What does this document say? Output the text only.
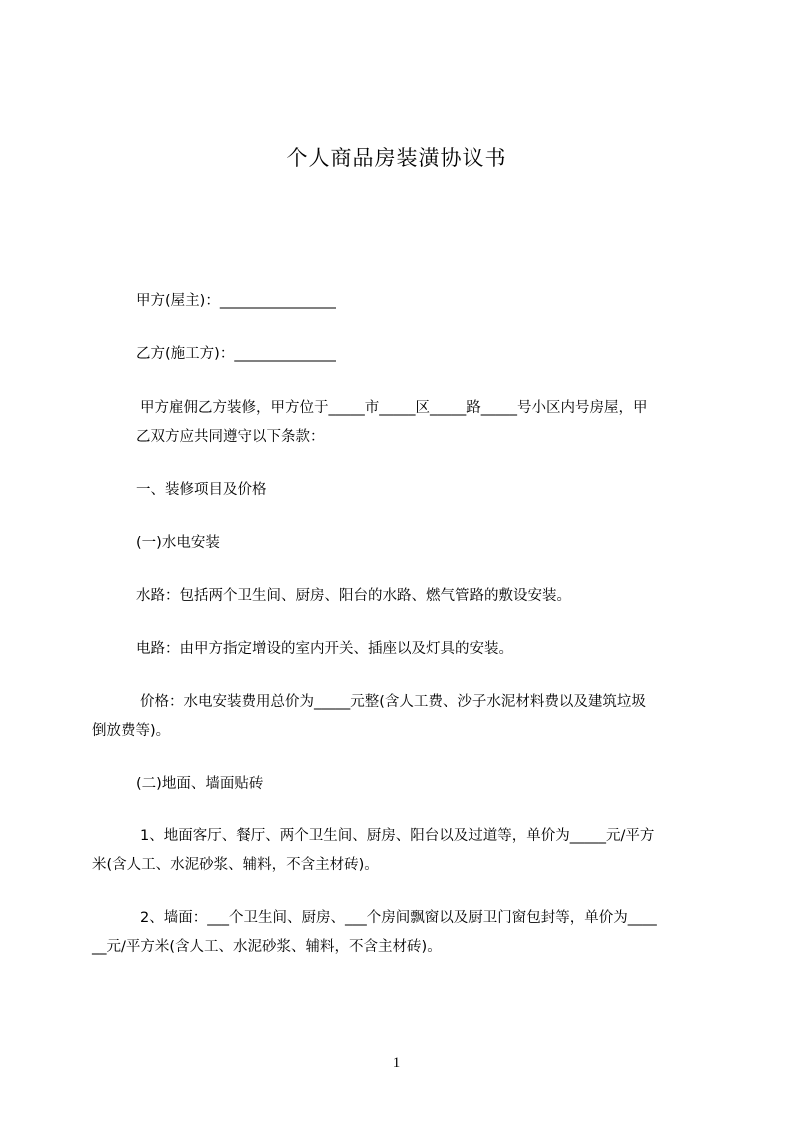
个人商品房装潢协议书

甲方(屋主)：________________

乙方(施工方)：______________

甲方雇佣乙方装修，甲方位于_____市_____区_____路_____号小区内号房屋，甲

乙双方应共同遵守以下条款：

一、装修项目及价格

(一)水电安装

水路：包括两个卫生间、厨房、阳台的水路、燃气管路的敷设安装。

电路：由甲方指定增设的室内开关、插座以及灯具的安装。

价格：水电安装费用总价为_____元整(含人工费、沙子水泥材料费以及建筑垃圾

倒放费等)。

(二)地面、墙面贴砖

1、地面客厅、餐厅、两个卫生间、厨房、阳台以及过道等，单价为_____元/平方

米(含人工、水泥砂浆、辅料，不含主材砖)。

2、墙面：___个卫生间、厨房、___个房间飘窗以及厨卫门窗包封等，单价为____

__元/平方米(含人工、水泥砂浆、辅料，不含主材砖)。

1
